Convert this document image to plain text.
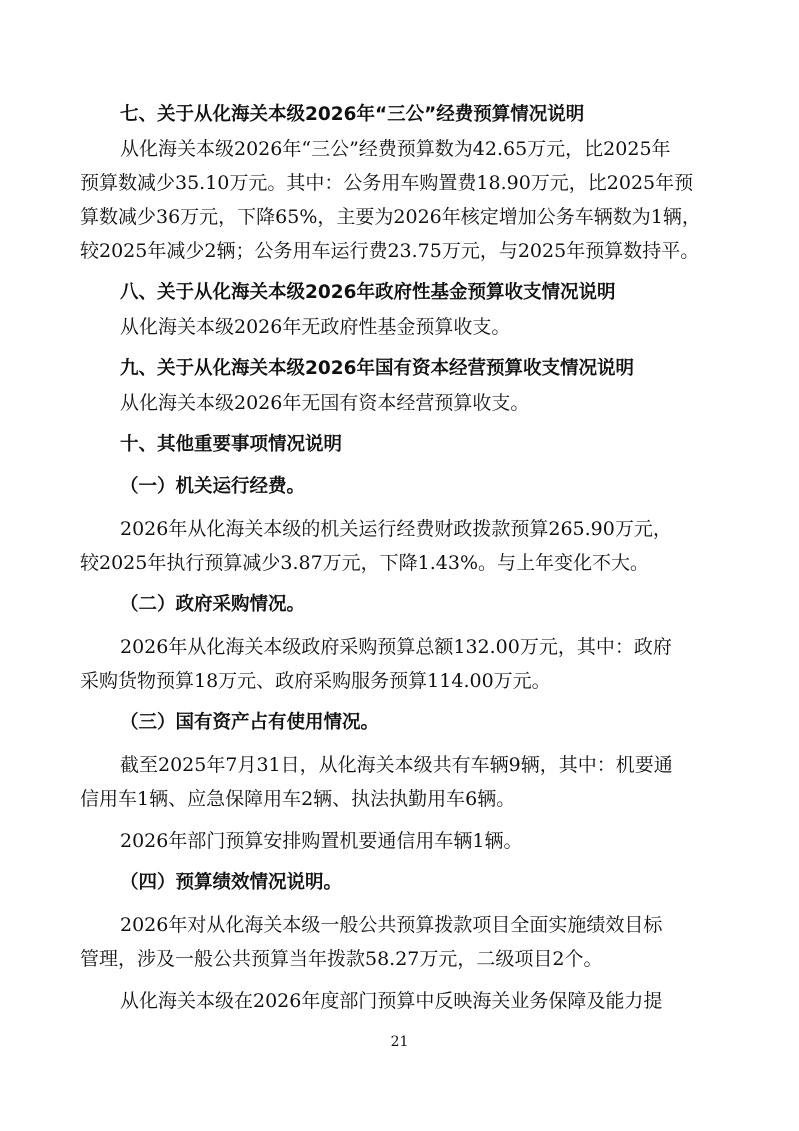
七、关于从化海关本级2026年“三公”经费预算情况说明
从化海关本级2026年“三公”经费预算数为42.65万元，比2025年
预算数减少35.10万元。其中：公务用车购置费18.90万元，比2025年预
算数减少36万元，下降65%，主要为2026年核定增加公务车辆数为1辆，
较2025年减少2辆；公务用车运行费23.75万元，与2025年预算数持平。
八、关于从化海关本级2026年政府性基金预算收支情况说明
从化海关本级2026年无政府性基金预算收支。
九、关于从化海关本级2026年国有资本经营预算收支情况说明
从化海关本级2026年无国有资本经营预算收支。
十、其他重要事项情况说明
（一）机关运行经费。
2026年从化海关本级的机关运行经费财政拨款预算265.90万元，
较2025年执行预算减少3.87万元，下降1.43%。与上年变化不大。
（二）政府采购情况。
2026年从化海关本级政府采购预算总额132.00万元，其中：政府
采购货物预算18万元、政府采购服务预算114.00万元。
（三）国有资产占有使用情况。
截至2025年7月31日，从化海关本级共有车辆9辆，其中：机要通
信用车1辆、应急保障用车2辆、执法执勤用车6辆。
2026年部门预算安排购置机要通信用车辆1辆。
（四）预算绩效情况说明。
2026年对从化海关本级一般公共预算拨款项目全面实施绩效目标
管理，涉及一般公共预算当年拨款58.27万元，二级项目2个。
从化海关本级在2026年度部门预算中反映海关业务保障及能力提
21
